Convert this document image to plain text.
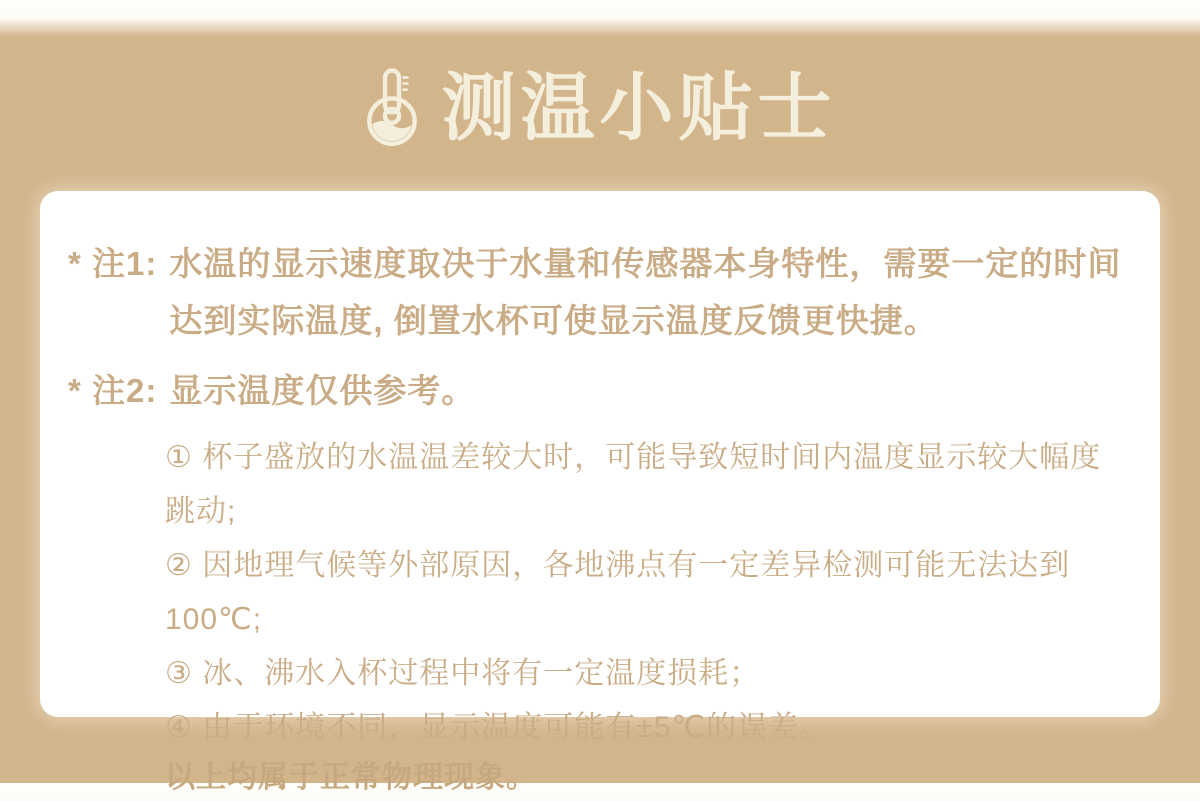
测温小贴士
* 注1: 水温的显示速度取决于水量和传感器本身特性，需要一定的时间
达到实际温度, 倒置水杯可使显示温度反馈更快捷。
* 注2: 显示温度仅供参考。
① 杯子盛放的水温温差较大时，可能导致短时间内温度显示较大幅度跳动;
② 因地理气候等外部原因，各地沸点有一定差异检测可能无法达到100℃;
③ 冰、沸水入杯过程中将有一定温度损耗；
④ 由于环境不同，显示温度可能有±5℃的误差。
以上均属于正常物理现象。
